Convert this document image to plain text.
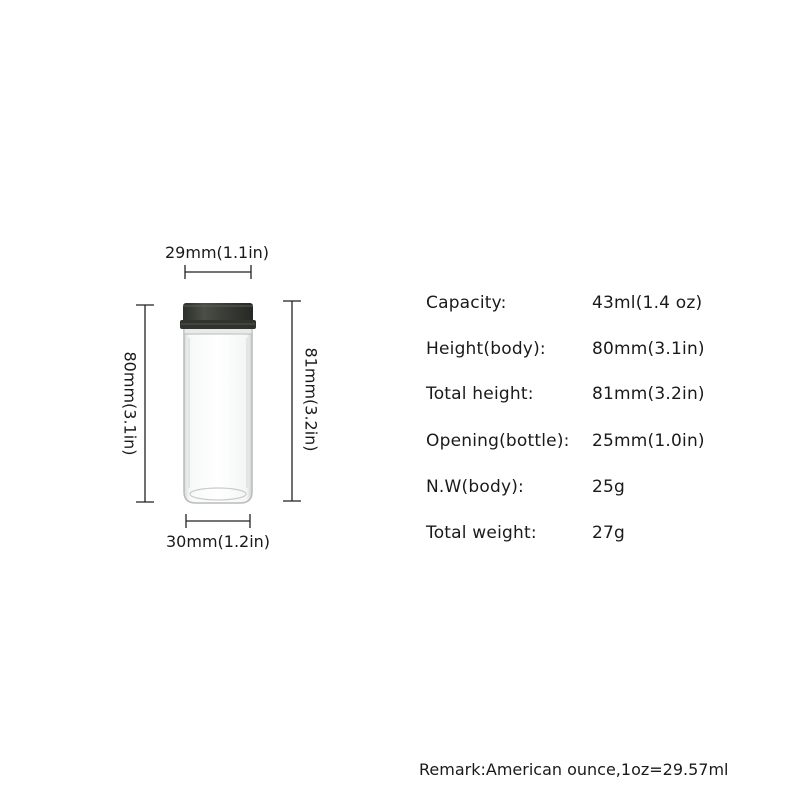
29mm(1.1in)
30mm(1.2in)
80mm(3.1in)	81mm(3.2in)
Capacity:	43ml(1.4 oz)
Height(body):	80mm(3.1in)
Total height:	81mm(3.2in)
Opening(bottle): 25mm(1.0in)
N.W(body):	25g
Total weight:	27g
Remark:American ounce,1oz=29.57ml
